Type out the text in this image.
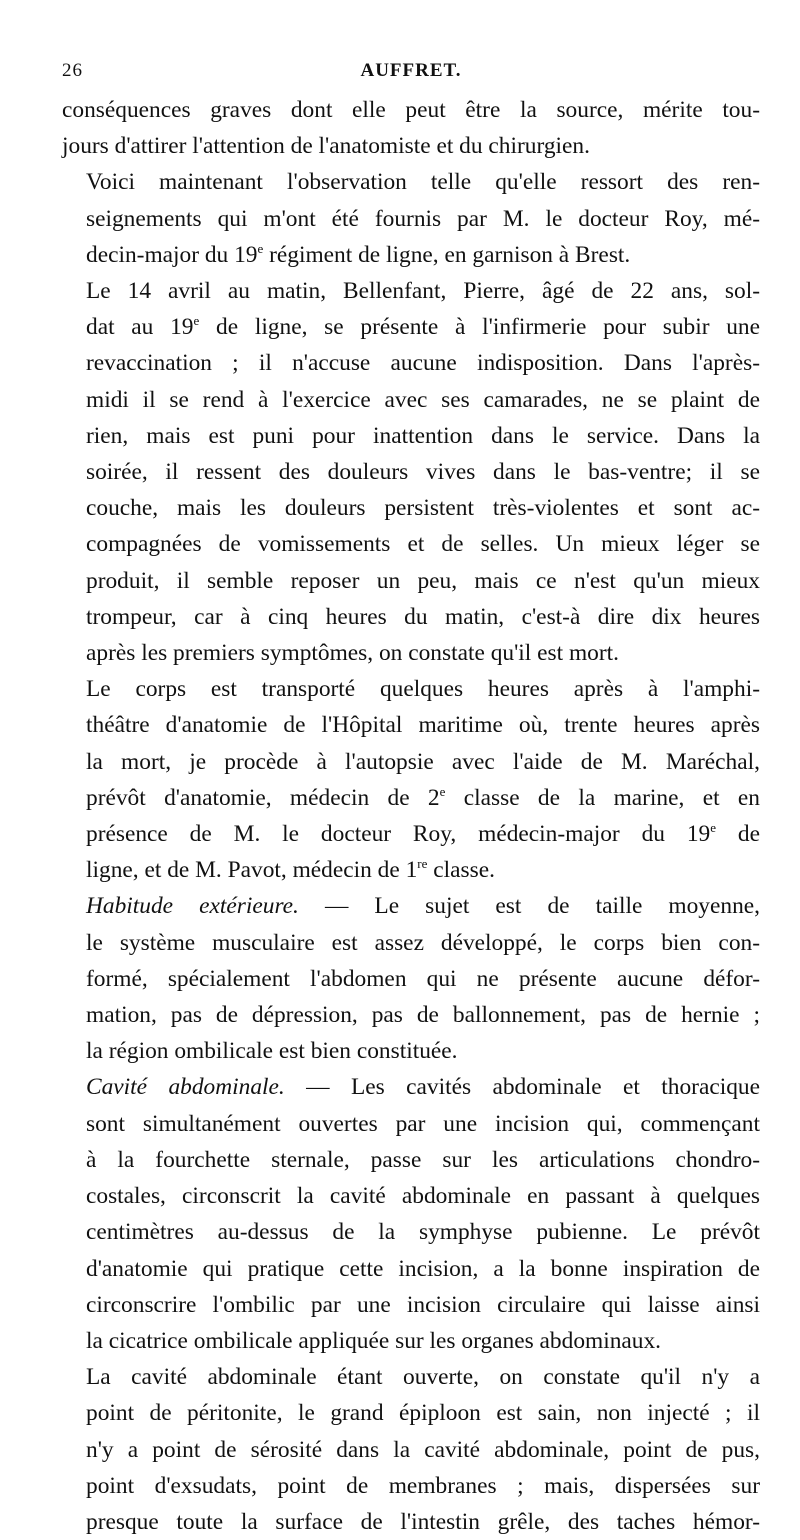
26	AUFFRET.

conséquences graves dont elle peut être la source, mérite tou-
jours d'attirer l'attention de l'anatomiste et du chirurgien.

Voici maintenant l'observation telle qu'elle ressort des ren-
seignements qui m'ont été fournis par M. le docteur Roy, mé-
decin-major du 19e régiment de ligne, en garnison à Brest.

Le 14 avril au matin, Bellenfant, Pierre, âgé de 22 ans, sol-
dat au 19e de ligne, se présente à l'infirmerie pour subir une
revaccination ; il n'accuse aucune indisposition. Dans l'après-
midi il se rend à l'exercice avec ses camarades, ne se plaint de
rien, mais est puni pour inattention dans le service. Dans la
soirée, il ressent des douleurs vives dans le bas-ventre; il se
couche, mais les douleurs persistent très-violentes et sont ac-
compagnées de vomissements et de selles. Un mieux léger se
produit, il semble reposer un peu, mais ce n'est qu'un mieux
trompeur, car à cinq heures du matin, c'est-à dire dix heures
après les premiers symptômes, on constate qu'il est mort.

Le corps est transporté quelques heures après à l'amphi-
théâtre d'anatomie de l'Hôpital maritime où, trente heures après
la mort, je procède à l'autopsie avec l'aide de M. Maréchal,
prévôt d'anatomie, médecin de 2e classe de la marine, et en
présence de M. le docteur Roy, médecin-major du 19e de
ligne, et de M. Pavot, médecin de 1re classe.

Habitude extérieure. — Le sujet est de taille moyenne,
le système musculaire est assez développé, le corps bien con-
formé, spécialement l'abdomen qui ne présente aucune défor-
mation, pas de dépression, pas de ballonnement, pas de hernie ;
la région ombilicale est bien constituée.

Cavité abdominale. — Les cavités abdominale et thoracique
sont simultanément ouvertes par une incision qui, commençant
à la fourchette sternale, passe sur les articulations chondro-
costales, circonscrit la cavité abdominale en passant à quelques
centimètres au-dessus de la symphyse pubienne. Le prévôt
d'anatomie qui pratique cette incision, a la bonne inspiration de
circonscrire l'ombilic par une incision circulaire qui laisse ainsi
la cicatrice ombilicale appliquée sur les organes abdominaux.

La cavité abdominale étant ouverte, on constate qu'il n'y a
point de péritonite, le grand épiploon est sain, non injecté ; il
n'y a point de sérosité dans la cavité abdominale, point de pus,
point d'exsudats, point de membranes ; mais, dispersées sur
presque toute la surface de l'intestin grêle, des taches hémor-
